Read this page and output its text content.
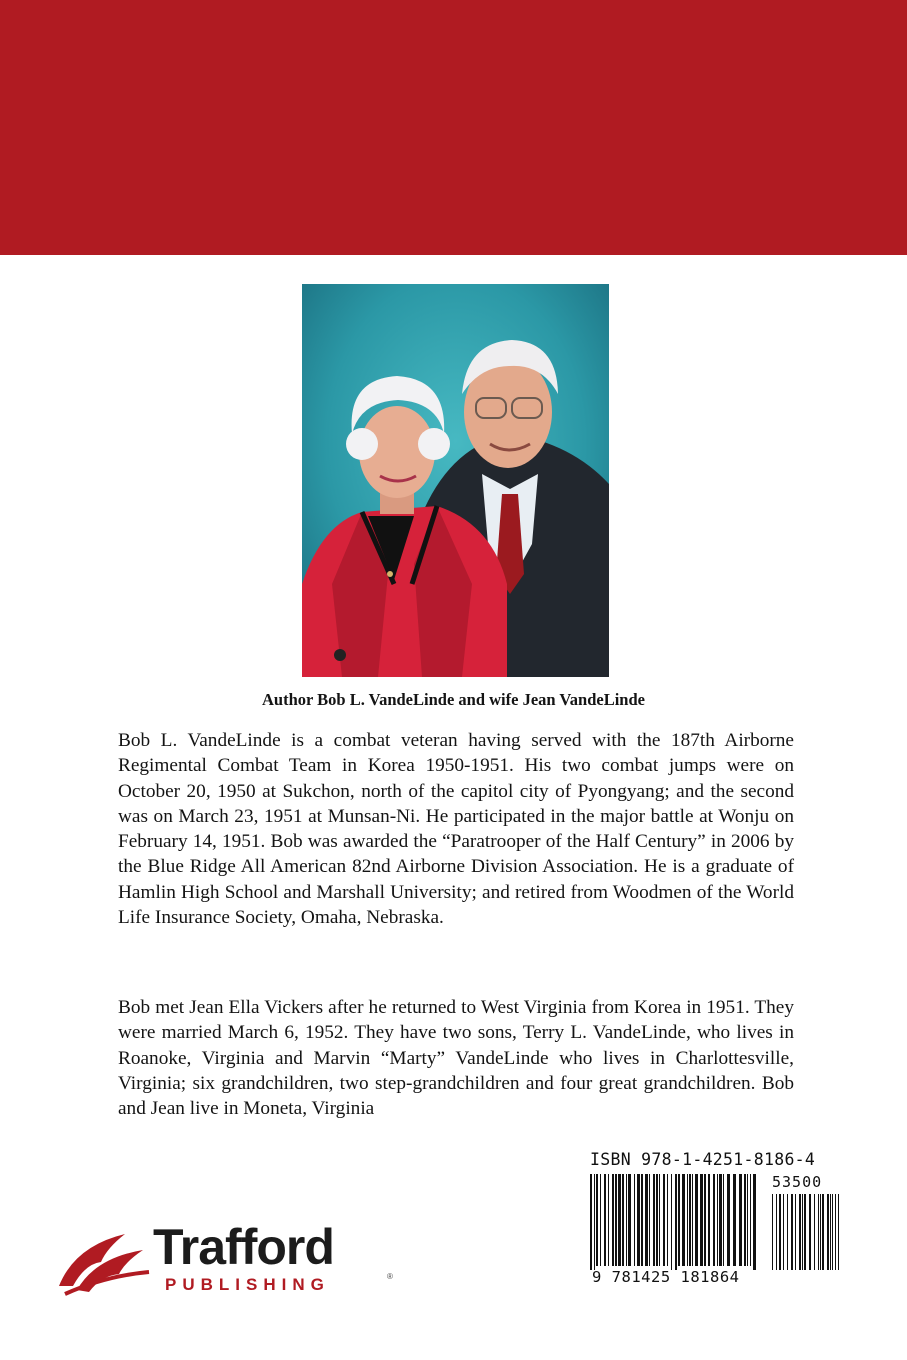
Author Bob L. VandeLinde and wife Jean VandeLinde

Bob L. VandeLinde is a combat veteran having served with the 187th Airborne Regimental Combat Team in Korea 1950-1951. His two combat jumps were on October 20, 1950 at Sukchon, north of the capitol city of Pyongyang; and the second was on March 23, 1951 at Munsan-Ni. He participated in the major battle at Wonju on February 14, 1951. Bob was awarded the “Paratrooper of the Half Century” in 2006 by the Blue Ridge All American 82nd Airborne Division Association. He is a graduate of Hamlin High School and Marshall University; and retired from Woodmen of the World Life Insurance Society, Omaha, Nebraska.

Bob met Jean Ella Vickers after he returned to West Virginia from Korea in 1951. They were married March 6, 1952. They have two sons, Terry L. VandeLinde, who lives in Roanoke, Virginia and Marvin “Marty” VandeLinde who lives in Charlottesville, Virginia; six grandchildren, two step-grandchildren and four great grandchildren. Bob and Jean live in Moneta, Virginia

Trafford
PUBLISHING	®
ISBN 978-1-4251-8186-4
53500
9 781425 181864
